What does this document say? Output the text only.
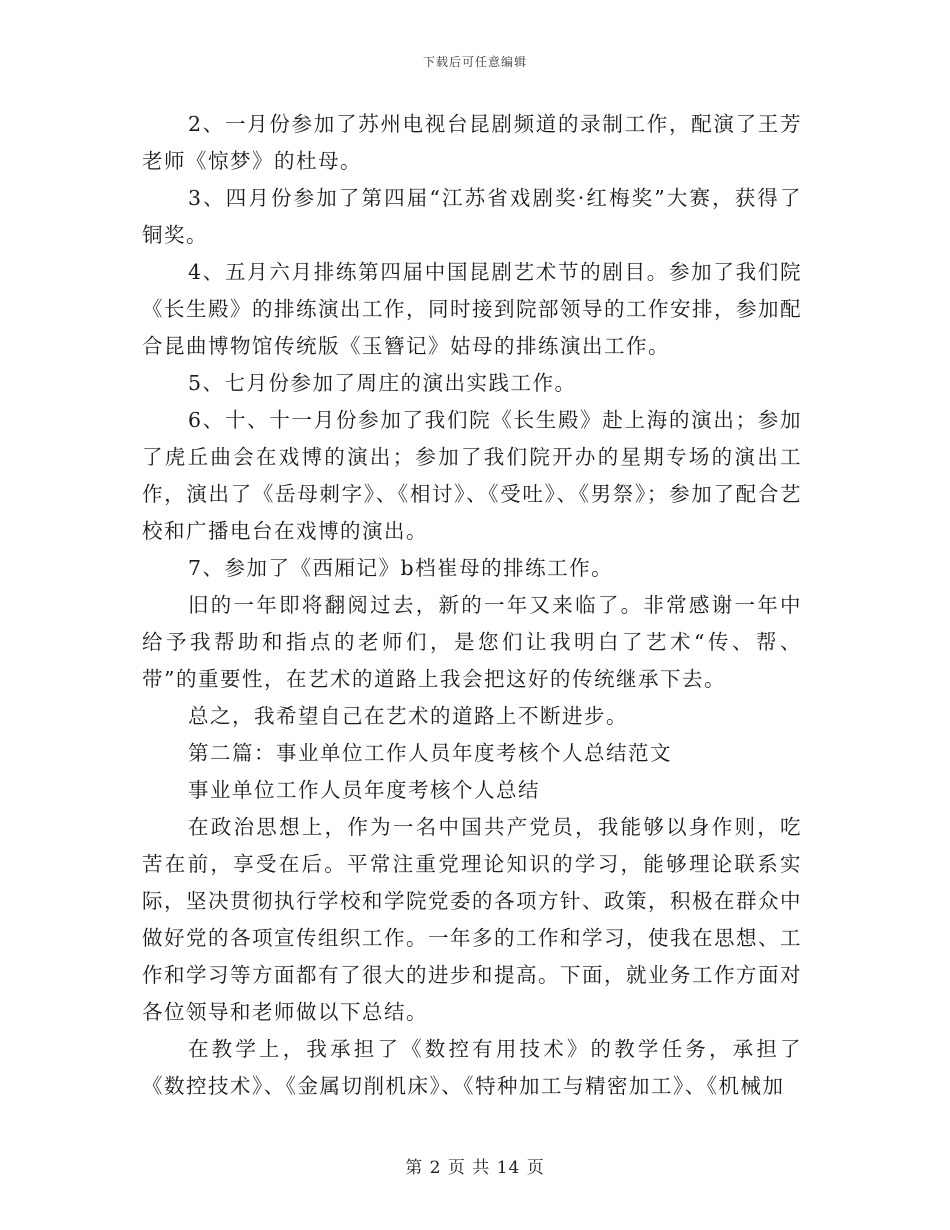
下载后可任意编辑

2、一月份参加了苏州电视台昆剧频道的录制工作，配演了王芳老师《惊梦》的杜母。

3、四月份参加了第四届“江苏省戏剧奖·红梅奖”大赛，获得了铜奖。

4、五月六月排练第四届中国昆剧艺术节的剧目。参加了我们院《长生殿》的排练演出工作，同时接到院部领导的工作安排，参加配合昆曲博物馆传统版《玉簪记》姑母的排练演出工作。

5、七月份参加了周庄的演出实践工作。

6、十、十一月份参加了我们院《长生殿》赴上海的演出；参加了虎丘曲会在戏博的演出；参加了我们院开办的星期专场的演出工作，演出了《岳母刺字》、《相讨》、《受吐》、《男祭》；参加了配合艺校和广播电台在戏博的演出。

7、参加了《西厢记》b档崔母的排练工作。

旧的一年即将翻阅过去，新的一年又来临了。非常感谢一年中给予我帮助和指点的老师们，是您们让我明白了艺术“传、帮、带”的重要性，在艺术的道路上我会把这好的传统继承下去。

总之，我希望自己在艺术的道路上不断进步。

第二篇：事业单位工作人员年度考核个人总结范文

事业单位工作人员年度考核个人总结

在政治思想上，作为一名中国共产党员，我能够以身作则，吃苦在前，享受在后。平常注重党理论知识的学习，能够理论联系实际，坚决贯彻执行学校和学院党委的各项方针、政策，积极在群众中做好党的各项宣传组织工作。一年多的工作和学习，使我在思想、工作和学习等方面都有了很大的进步和提高。下面，就业务工作方面对各位领导和老师做以下总结。

在教学上，我承担了《数控有用技术》的教学任务，承担了《数控技术》、《金属切削机床》、《特种加工与精密加工》、《机械加

第 2 页 共 14 页
